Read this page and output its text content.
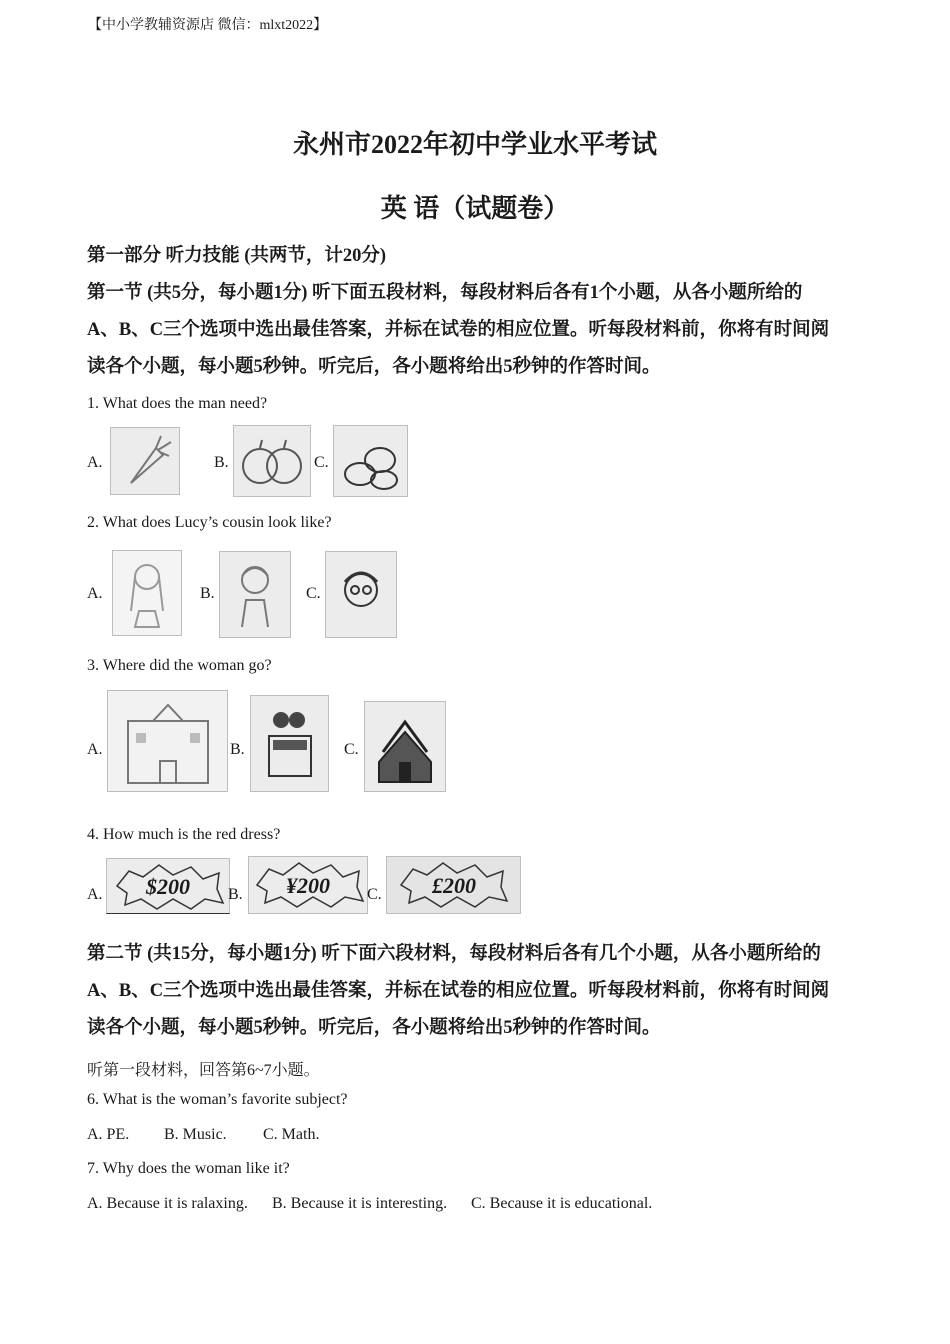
【中小学教辅资源店 微信：mlxt2022】
永州市2022年初中学业水平考试
英 语（试题卷）
第一部分 听力技能 (共两节，计20分)
第一节 (共5分，每小题1分) 听下面五段材料，每段材料后各有1个小题，从各小题所给的
A、B、C三个选项中选出最佳答案，并标在试卷的相应位置。听每段材料前，你将有时间阅
读各个小题，每小题5秒钟。听完后，各小题将给出5秒钟的作答时间。
1. What does the man need?
A.	B.	C.
2. What does Lucy’s cousin look like?
A.	B.	C.
3. Where did the woman go?
A.	B.	C.
4. How much is the red dress?
A. $200 B. ¥200 C. £200
第二节 (共15分，每小题1分) 听下面六段材料，每段材料后各有几个小题，从各小题所给的
A、B、C三个选项中选出最佳答案，并标在试卷的相应位置。听每段材料前，你将有时间阅
读各个小题，每小题5秒钟。听完后，各小题将给出5秒钟的作答时间。
听第一段材料，回答第6~7小题。
6. What is the woman’s favorite subject?
A. PE. B. Music. C. Math.
7. Why does the woman like it?
A. Because it is ralaxing. B. Because it is interesting. C. Because it is educational.
